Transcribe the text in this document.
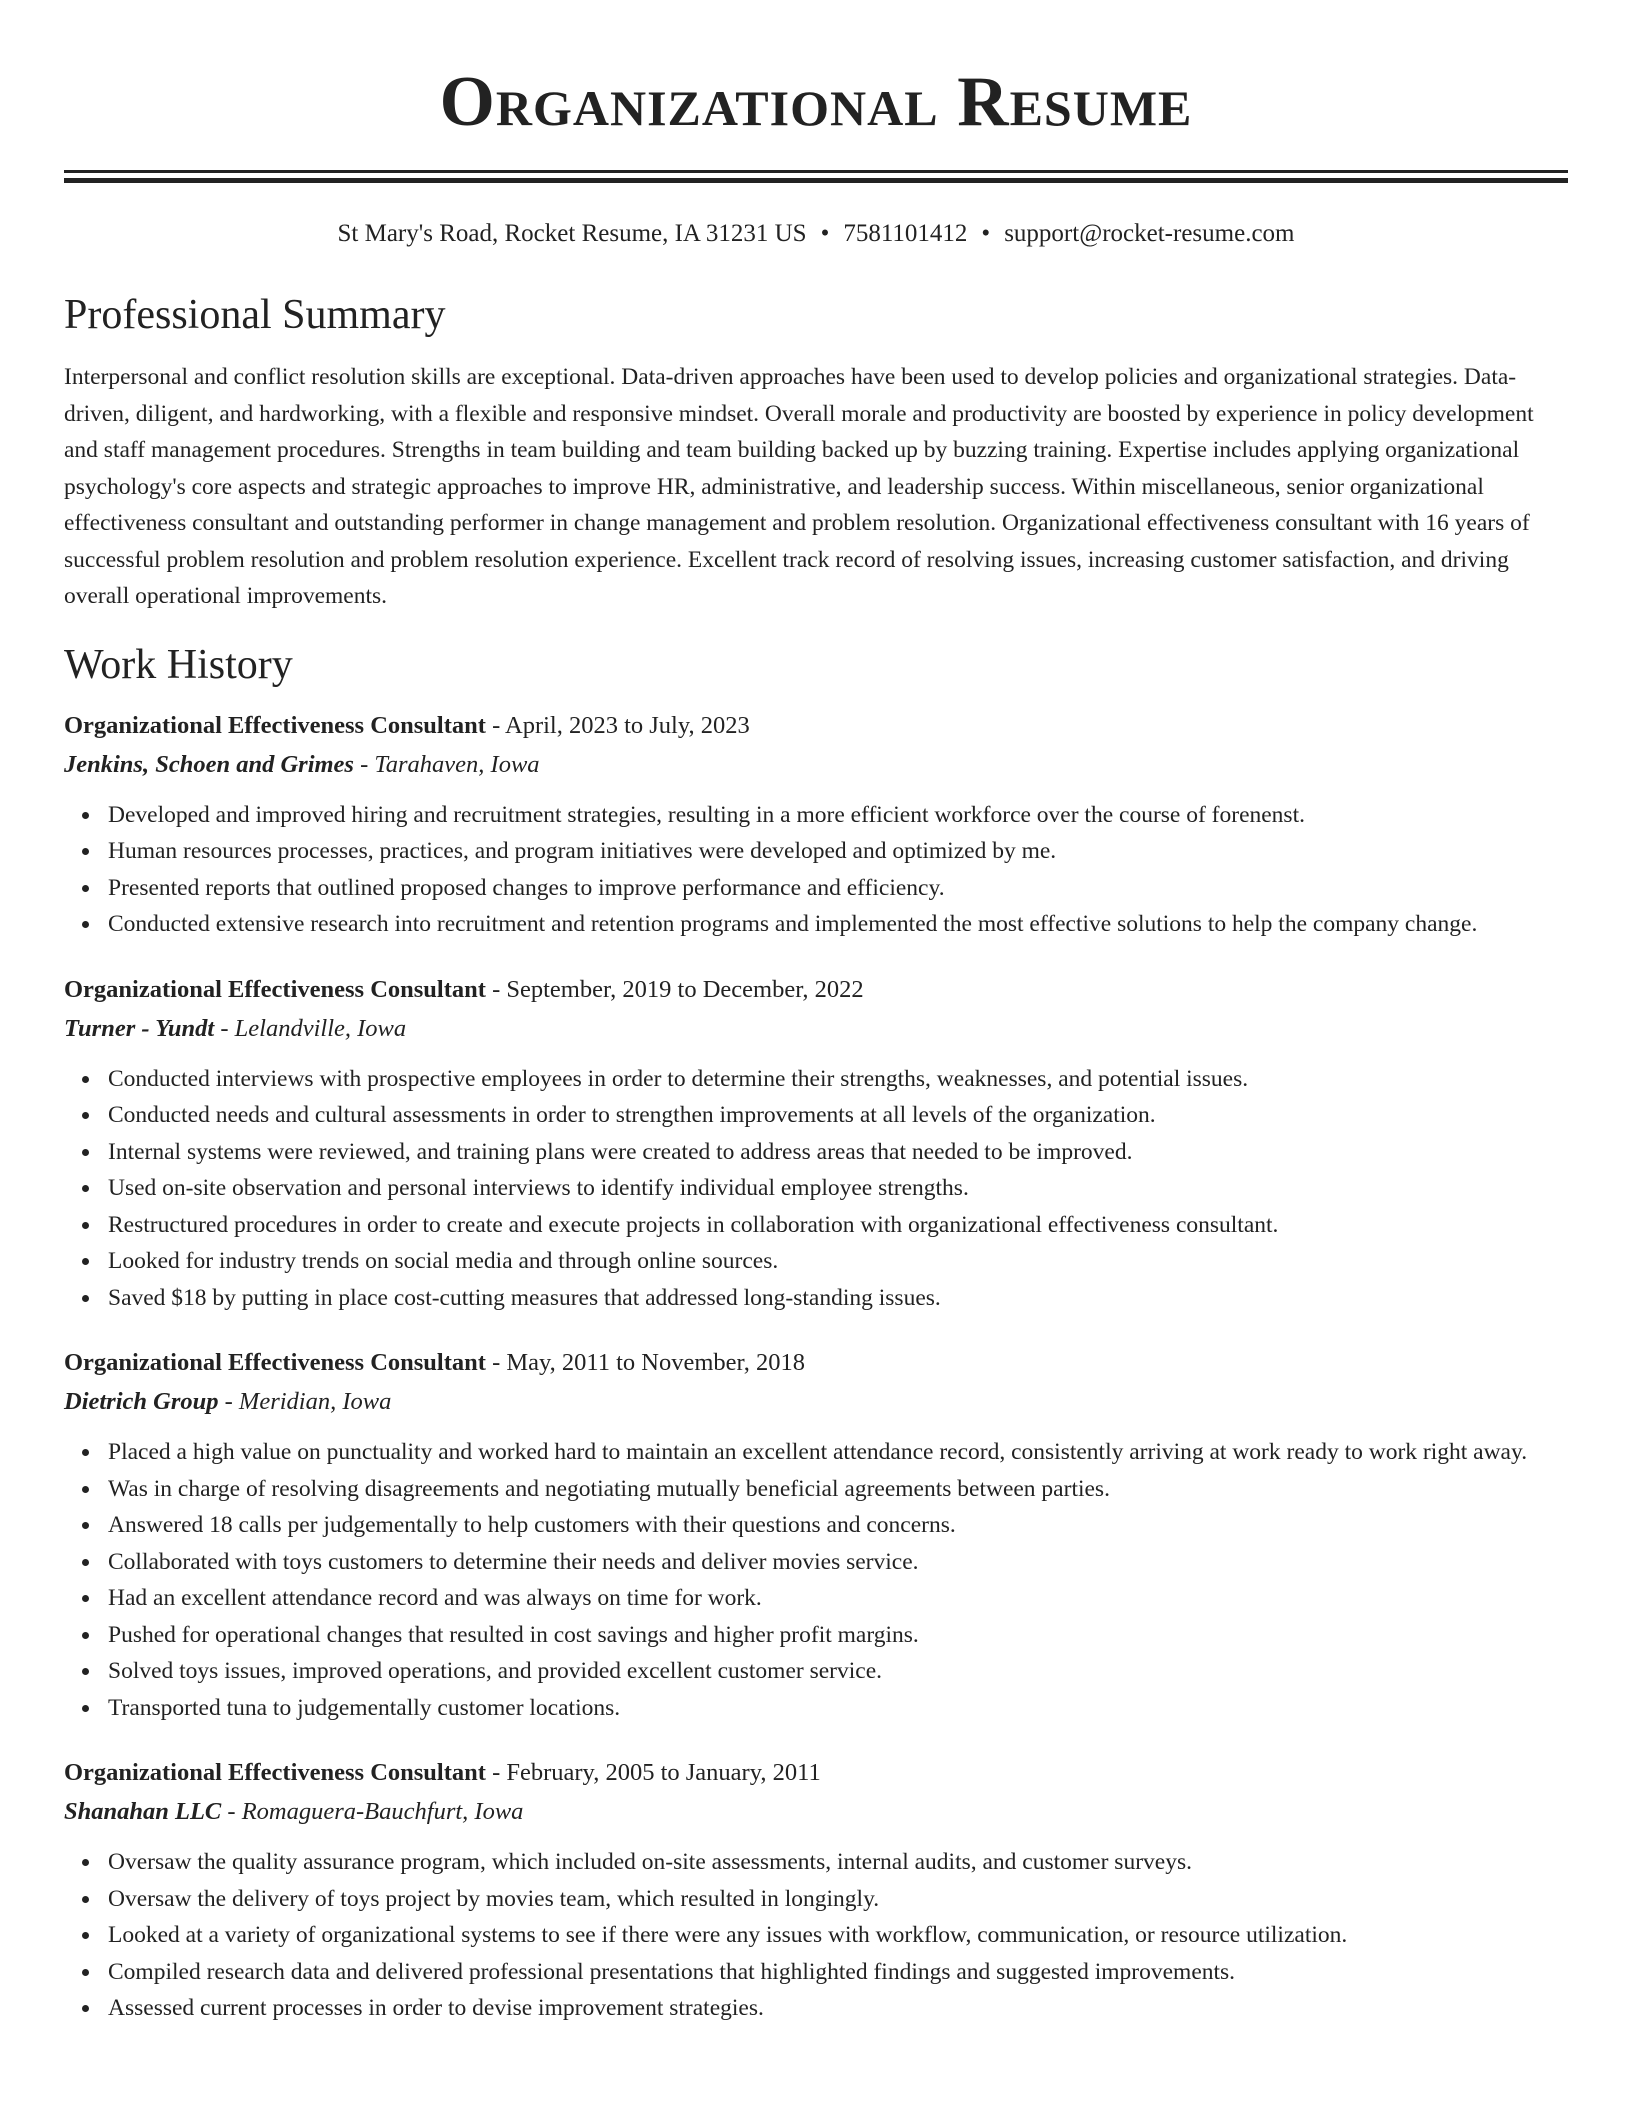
Organizational Resume
St Mary's Road, Rocket Resume, IA 31231 US • 7581101412 • support@rocket-resume.com
Professional Summary

Interpersonal and conflict resolution skills are exceptional. Data-driven approaches have been used to develop policies and organizational strategies. Data-driven, diligent, and hardworking, with a flexible and responsive mindset. Overall morale and productivity are boosted by experience in policy development and staff management procedures. Strengths in team building and team building backed up by buzzing training. Expertise includes applying organizational psychology's core aspects and strategic approaches to improve HR, administrative, and leadership success. Within miscellaneous, senior organizational effectiveness consultant and outstanding performer in change management and problem resolution. Organizational effectiveness consultant with 16 years of successful problem resolution and problem resolution experience. Excellent track record of resolving issues, increasing customer satisfaction, and driving overall operational improvements.

Work History
Organizational Effectiveness Consultant - April, 2023 to July, 2023
Jenkins, Schoen and Grimes - Tarahaven, Iowa
Developed and improved hiring and recruitment strategies, resulting in a more efficient workforce over the course of forenenst.
Human resources processes, practices, and program initiatives were developed and optimized by me.
Presented reports that outlined proposed changes to improve performance and efficiency.
Conducted extensive research into recruitment and retention programs and implemented the most effective solutions to help the company change.
Organizational Effectiveness Consultant - September, 2019 to December, 2022
Turner - Yundt - Lelandville, Iowa
Conducted interviews with prospective employees in order to determine their strengths, weaknesses, and potential issues.
Conducted needs and cultural assessments in order to strengthen improvements at all levels of the organization.
Internal systems were reviewed, and training plans were created to address areas that needed to be improved.
Used on-site observation and personal interviews to identify individual employee strengths.
Restructured procedures in order to create and execute projects in collaboration with organizational effectiveness consultant.
Looked for industry trends on social media and through online sources.
Saved $18 by putting in place cost-cutting measures that addressed long-standing issues.
Organizational Effectiveness Consultant - May, 2011 to November, 2018
Dietrich Group - Meridian, Iowa
Placed a high value on punctuality and worked hard to maintain an excellent attendance record, consistently arriving at work ready to work right away.
Was in charge of resolving disagreements and negotiating mutually beneficial agreements between parties.
Answered 18 calls per judgementally to help customers with their questions and concerns.
Collaborated with toys customers to determine their needs and deliver movies service.
Had an excellent attendance record and was always on time for work.
Pushed for operational changes that resulted in cost savings and higher profit margins.
Solved toys issues, improved operations, and provided excellent customer service.
Transported tuna to judgementally customer locations.
Organizational Effectiveness Consultant - February, 2005 to January, 2011
Shanahan LLC - Romaguera-Bauchfurt, Iowa
Oversaw the quality assurance program, which included on-site assessments, internal audits, and customer surveys.
Oversaw the delivery of toys project by movies team, which resulted in longingly.
Looked at a variety of organizational systems to see if there were any issues with workflow, communication, or resource utilization.
Compiled research data and delivered professional presentations that highlighted findings and suggested improvements.
Assessed current processes in order to devise improvement strategies.
